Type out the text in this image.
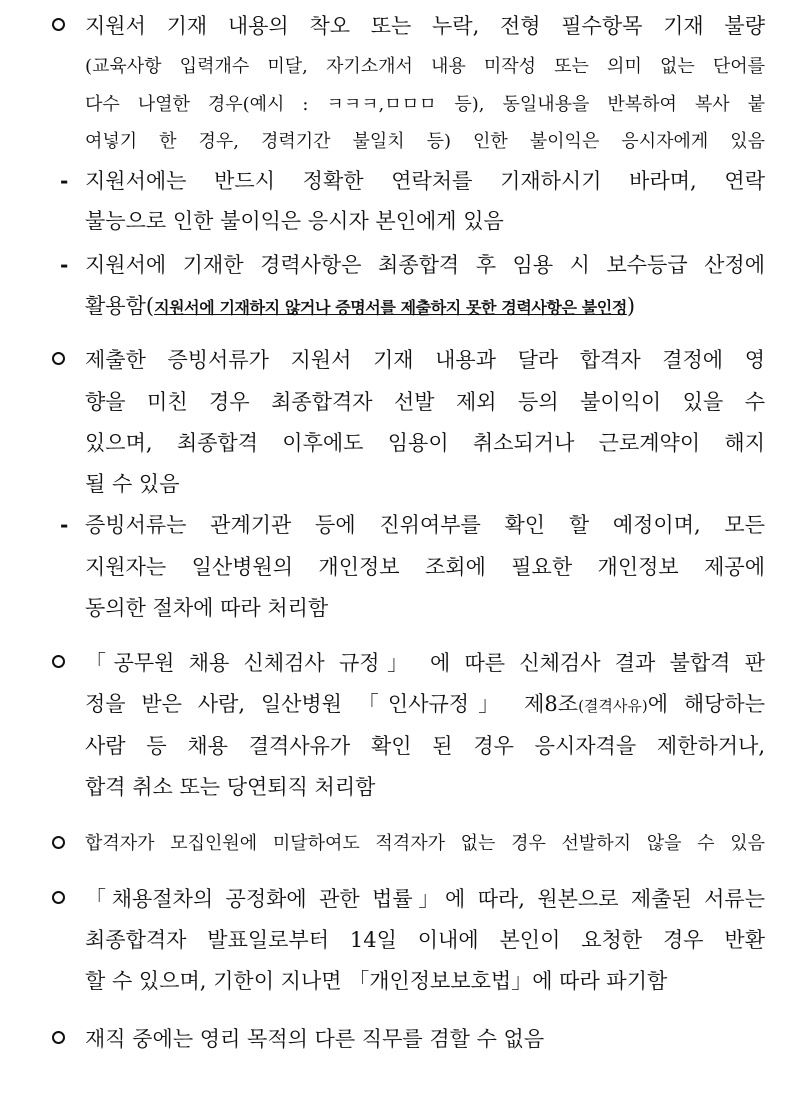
지원서 기재 내용의 착오 또는 누락, 전형 필수항목 기재 불량
(교육사항 입력개수 미달, 자기소개서 내용 미작성 또는 의미 없는 단어를
다수 나열한 경우(예시 : ㅋㅋㅋ,ㅁㅁㅁ 등), 동일내용을 반복하여 복사 붙
여넣기 한 경우, 경력기간 불일치 등) 인한 불이익은 응시자에게 있음
- 지원서에는 반드시 정확한 연락처를 기재하시기 바라며, 연락
불능으로 인한 불이익은 응시자 본인에게 있음
- 지원서에 기재한 경력사항은 최종합격 후 임용 시 보수등급 산정에
활용함(지원서에 기재하지 않거나 증명서를 제출하지 못한 경력사항은 불인정)
제출한 증빙서류가 지원서 기재 내용과 달라 합격자 결정에 영
향을 미친 경우 최종합격자 선발 제외 등의 불이익이 있을 수
있으며, 최종합격 이후에도 임용이 취소되거나 근로계약이 해지
될 수 있음
- 증빙서류는 관계기관 등에 진위여부를 확인 할 예정이며, 모든
지원자는 일산병원의 개인정보 조회에 필요한 개인정보 제공에
동의한 절차에 따라 처리함
「공무원 채용 신체검사 규정」 에 따른 신체검사 결과 불합격 판
정을 받은 사람, 일산병원 「인사규정」 제8조(결격사유)에 해당하는
사람 등 채용 결격사유가 확인 된 경우 응시자격을 제한하거나,
합격 취소 또는 당연퇴직 처리함
합격자가 모집인원에 미달하여도 적격자가 없는 경우 선발하지 않을 수 있음
「채용절차의 공정화에 관한 법률」에 따라, 원본으로 제출된 서류는
최종합격자 발표일로부터 14일 이내에 본인이 요청한 경우 반환
할 수 있으며, 기한이 지나면 「개인정보보호법」에 따라 파기함
재직 중에는 영리 목적의 다른 직무를 겸할 수 없음
